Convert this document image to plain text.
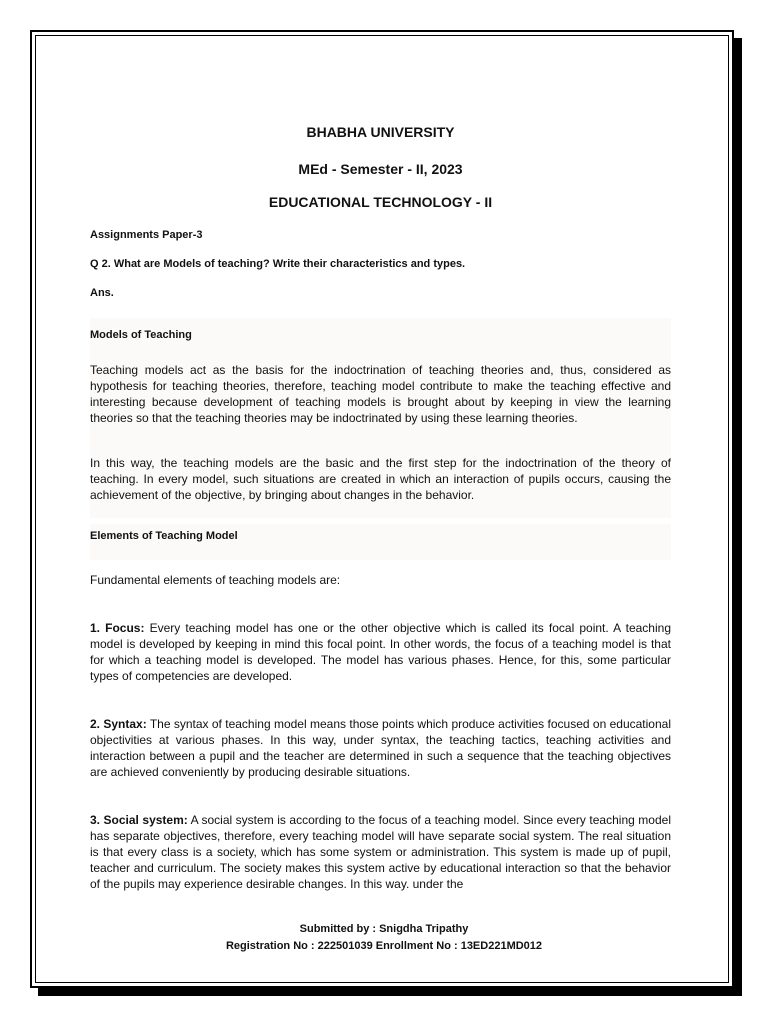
BHABHA UNIVERSITY
MEd - Semester - II, 2023
EDUCATIONAL TECHNOLOGY - II
Assignments Paper-3
Q 2. What are Models of teaching? Write their characteristics and types.
Ans.
Models of Teaching

Teaching models act as the basis for the indoctrination of teaching theories and, thus, considered as hypothesis for teaching theories, therefore, teaching model contribute to make the teaching effective and interesting because development of teaching models is brought about by keeping in view the learning theories so that the teaching theories may be indoctrinated by using these learning theories.

In this way, the teaching models are the basic and the first step for the indoctrination of the theory of teaching. In every model, such situations are created in which an interaction of pupils occurs, causing the achievement of the objective, by bringing about changes in the behavior.

Elements of Teaching Model

Fundamental elements of teaching models are:

1. Focus: Every teaching model has one or the other objective which is called its focal point. A teaching model is developed by keeping in mind this focal point. In other words, the focus of a teaching model is that for which a teaching model is developed. The model has various phases. Hence, for this, some particular types of competencies are developed.

2. Syntax: The syntax of teaching model means those points which produce activities focused on educational objectivities at various phases. In this way, under syntax, the teaching tactics, teaching activities and interaction between a pupil and the teacher are determined in such a sequence that the teaching objectives are achieved conveniently by producing desirable situations.

3. Social system: A social system is according to the focus of a teaching model. Since every teaching model has separate objectives, therefore, every teaching model will have separate social system. The real situation is that every class is a society, which has some system or administration. This system is made up of pupil, teacher and curriculum. The society makes this system active by educational interaction so that the behavior of the pupils may experience desirable changes. In this way. under the

Submitted by : Snigdha Tripathy
Registration No : 222501039 Enrollment No : 13ED221MD012
